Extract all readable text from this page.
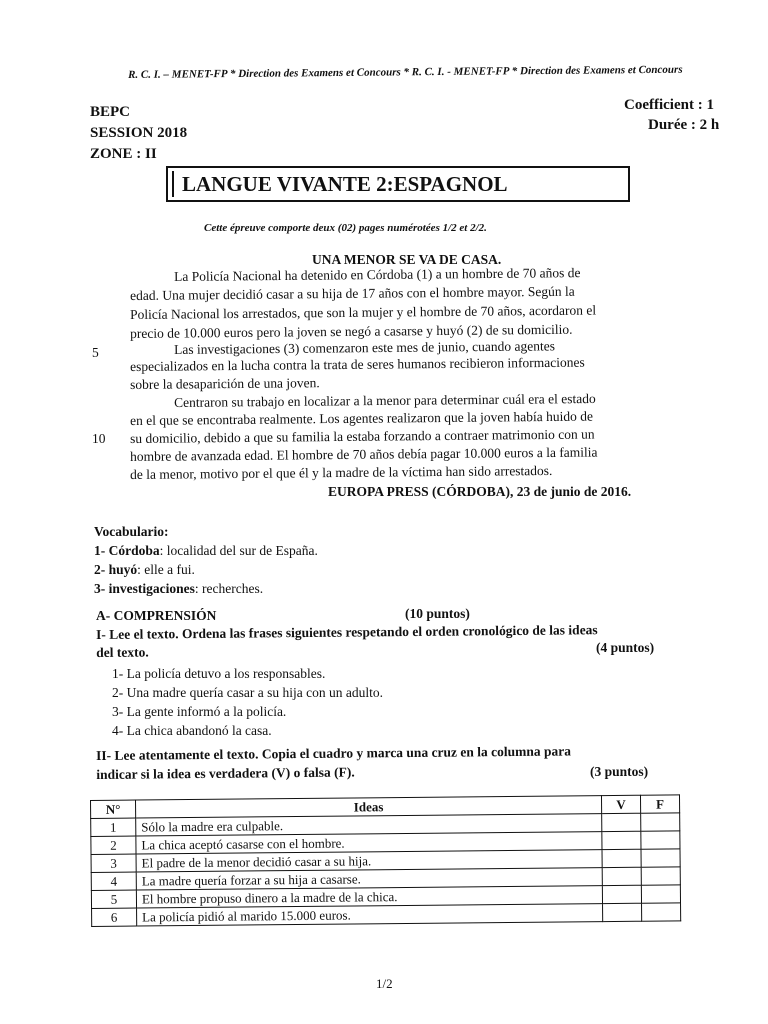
R. C. I. – MENET-FP * Direction des Examens et Concours * R. C. I. - MENET-FP * Direction des Examens et Concours
BEPC
SESSION 2018
ZONE : II
Coefficient : 1
Durée : 2 h
LANGUE VIVANTE 2:ESPAGNOL
Cette épreuve comporte deux (02) pages numérotées 1/2 et 2/2.
UNA MENOR SE VA DE CASA.
La Policía Nacional ha detenido en Córdoba (1) a un hombre de 70 años de
edad. Una mujer decidió casar a su hija de 17 años con el hombre mayor. Según la
Policía Nacional los arrestados, que son la mujer y el hombre de 70 años, acordaron el
precio de 10.000 euros pero la joven se negó a casarse y huyó (2) de su domicilio.
5	Las investigaciones (3) comenzaron este mes de junio, cuando agentes
especializados en la lucha contra la trata de seres humanos recibieron informaciones
sobre la desaparición de una joven.
Centraron su trabajo en localizar a la menor para determinar cuál era el estado
en el que se encontraba realmente. Los agentes realizaron que la joven había huido de
10 su domicilio, debido a que su familia la estaba forzando a contraer matrimonio con un
hombre de avanzada edad. El hombre de 70 años debía pagar 10.000 euros a la familia
de la menor, motivo por el que él y la madre de la víctima han sido arrestados.
EUROPA PRESS (CÓRDOBA), 23 de junio de 2016.
Vocabulario:
1- Córdoba: localidad del sur de España.
2- huyó: elle a fui.
3- investigaciones: recherches.
A- COMPRENSIÓN	(10 puntos)
I- Lee el texto. Ordena las frases siguientes respetando el orden cronológico de las ideas
del texto.	(4 puntos)
1- La policía detuvo a los responsables.
2- Una madre quería casar a su hija con un adulto.
3- La gente informó a la policía.
4- La chica abandonó la casa.
II- Lee atentamente el texto. Copia el cuadro y marca una cruz en la columna para
indicar si la idea es verdadera (V) o falsa (F).	(3 puntos)
N°	Ideas	V	F
1	Sólo la madre era culpable.		
2	La chica aceptó casarse con el hombre.		
3	El padre de la menor decidió casar a su hija.		
4	La madre quería forzar a su hija a casarse.		
5	El hombre propuso dinero a la madre de la chica.		
6	La policía pidió al marido 15.000 euros.		
1/2
